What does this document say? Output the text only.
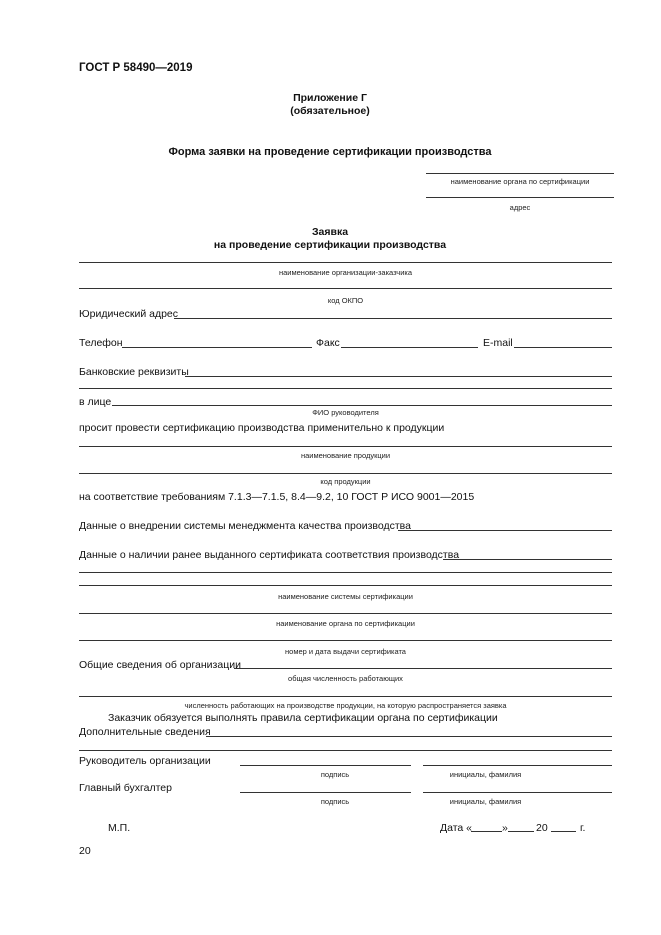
ГОСТ Р 58490—2019
Приложение Г
(обязательное)
Форма заявки на проведение сертификации производства
наименование органа по сертификации
адрес
Заявка
на проведение сертификации производства
наименование организации-заказчика
код ОКПО
Юридический адрес
Телефон	Факс	E-mail
Банковские реквизиты
в лице
ФИО руководителя
просит провести сертификацию производства применительно к продукции
наименование продукции
код продукции
на соответствие требованиям 7.1.3—7.1.5, 8.4—9.2, 10 ГОСТ Р ИСО 9001—2015
Данные о внедрении системы менеджмента качества производства
Данные о наличии ранее выданного сертификата соответствия производства
наименование системы сертификации
наименование органа по сертификации
номер и дата выдачи сертификата
Общие сведения об организации
общая численность работающих
численность работающих на производстве продукции, на которую распространяется заявка
Заказчик обязуется выполнять правила сертификации органа по сертификации
Дополнительные сведения
Руководитель организации
подпись	инициалы, фамилия
Главный бухгалтер
подпись	инициалы, фамилия
М.П.	Дата «	»	20	г.
20
